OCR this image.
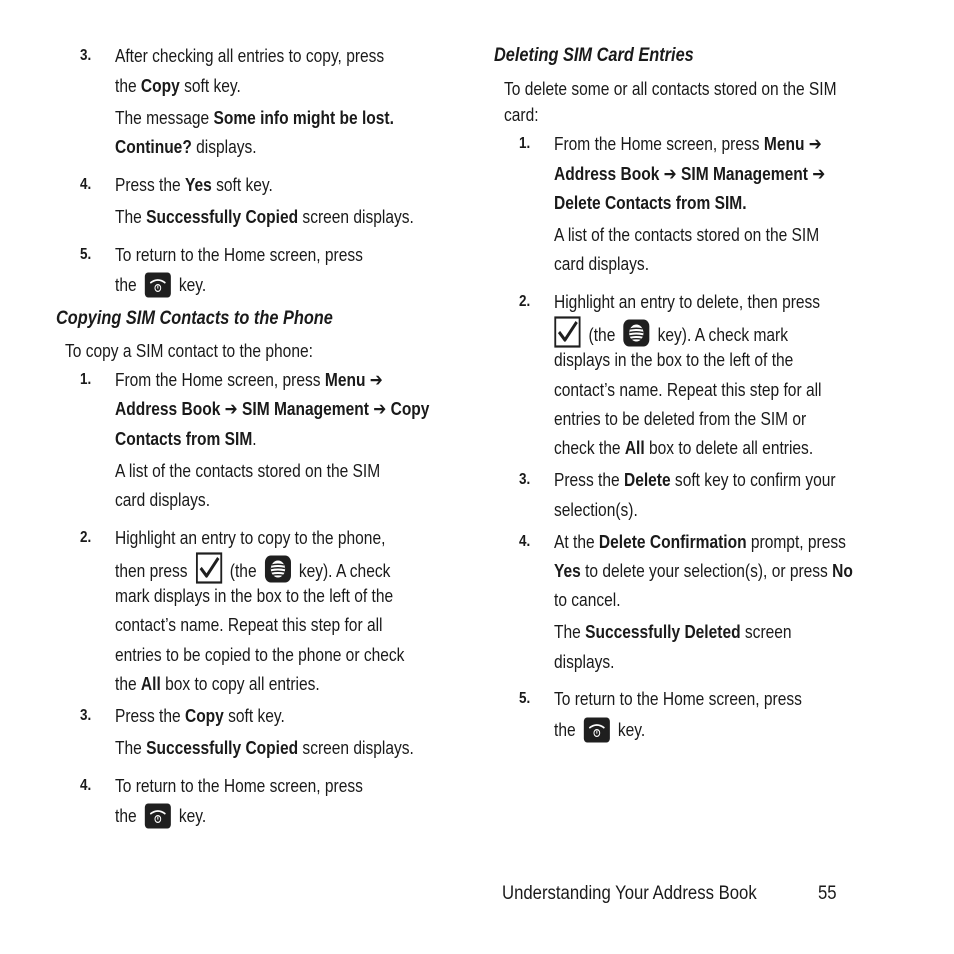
3. After checking all entries to copy, press
the Copy soft key.
The message Some info might be lost.
Continue? displays.
4. Press the Yes soft key.
The Successfully Copied screen displays.
5. To return to the Home screen, press
the key.
Copying SIM Contacts to the Phone
To copy a SIM contact to the phone:
1. From the Home screen, press Menu ➔
Address Book ➔ SIM Management ➔ Copy
Contacts from SIM.
A list of the contacts stored on the SIM
card displays.
2. Highlight an entry to copy to the phone,
then press (the key). A check
mark displays in the box to the left of the
contact’s name. Repeat this step for all
entries to be copied to the phone or check
the All box to copy all entries.
3. Press the Copy soft key.
The Successfully Copied screen displays.
4. To return to the Home screen, press
the key.
Deleting SIM Card Entries
To delete some or all contacts stored on the SIM
card:
1. From the Home screen, press Menu ➔
Address Book ➔ SIM Management ➔
Delete Contacts from SIM.
A list of the contacts stored on the SIM
card displays.
2. Highlight an entry to delete, then press
(the key). A check mark
displays in the box to the left of the
contact’s name. Repeat this step for all
entries to be deleted from the SIM or
check the All box to delete all entries.
3. Press the Delete soft key to confirm your
selection(s).
4. At the Delete Confirmation prompt, press
Yes to delete your selection(s), or press No
to cancel.
The Successfully Deleted screen
displays.
5. To return to the Home screen, press
the key.
Understanding Your Address Book	55
